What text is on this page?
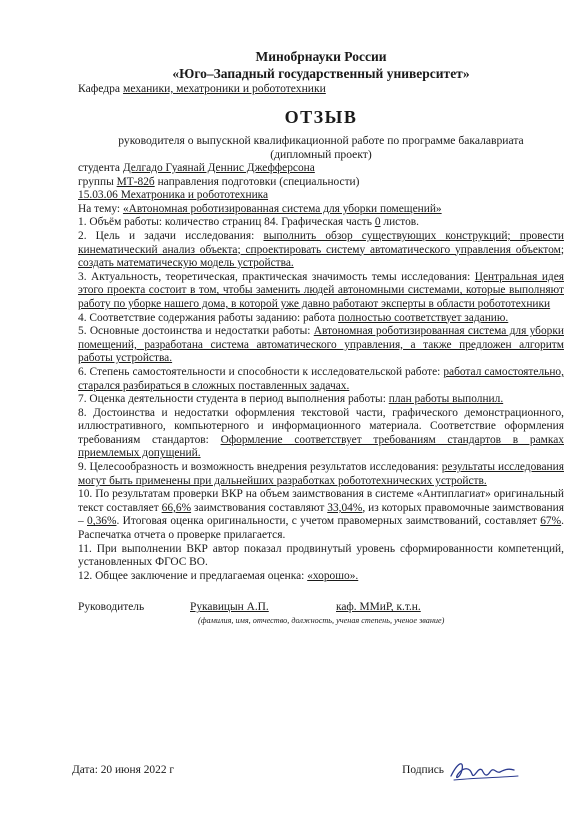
Минобрнауки России
«Юго–Западный государственный университет»
Кафедра механики, мехатроники и робототехники
ОТЗЫВ
руководителя о выпускной квалификационной работе по программе бакалавриата
(дипломный проект)

студента Делгадо Гуаянай Деннис Джефферсона

группы МТ-82б направления подготовки (специальности)

15.03.06 Мехатроника и робототехника

На тему: «Автономная роботизированная система для уборки помещений»

1. Объём работы: количество страниц 84. Графическая часть 0 листов.

2. Цель и задачи исследования: выполнить обзор существующих конструкций; провести кинематический анализ объекта; спроектировать систему автоматического управления объектом; создать математическую модель устройства.

3. Актуальность, теоретическая, практическая значимость темы исследования: Центральная идея этого проекта состоит в том, чтобы заменить людей автономными системами, которые выполняют работу по уборке нашего дома, в которой уже давно работают эксперты в области робототехники

4. Соответствие содержания работы заданию: работа полностью соответствует заданию.

5. Основные достоинства и недостатки работы: Автономная роботизированная система для уборки помещений, разработана система автоматического управления, а также предложен алгоритм работы устройства.

6. Степень самостоятельности и способности к исследовательской работе: работал самостоятельно, старался разбираться в сложных поставленных задачах.

7. Оценка деятельности студента в период выполнения работы: план работы выполнил.

8. Достоинства и недостатки оформления текстовой части, графического демонстрационного, иллюстративного, компьютерного и информационного материала. Соответствие оформления требованиям стандартов: Оформление соответствует требованиям стандартов в рамках приемлемых допущений.

9. Целесообразность и возможность внедрения результатов исследования: результаты исследования могут быть применены при дальнейших разработках робототехнических устройств.

10. По результатам проверки ВКР на объем заимствования в системе «Антиплагиат» оригинальный текст составляет 66,6% заимствования составляют 33,04%, из которых правомочные заимствования – 0,36%. Итоговая оценка оригинальности, с учетом правомерных заимствований, составляет 67%. Распечатка отчета о проверке прилагается.

11. При выполнении ВКР автор показал продвинутый уровень сформированности компетенций, установленных ФГОС ВО.

12. Общее заключение и предлагаемая оценка: «хорошо».

Руководитель	Рукавицын А.П.	каф. ММиР, к.т.н.
(фамилия, имя, отчество, должность, ученая степень, ученое звание)
Дата: 20 июня 2022 г	Подпись
